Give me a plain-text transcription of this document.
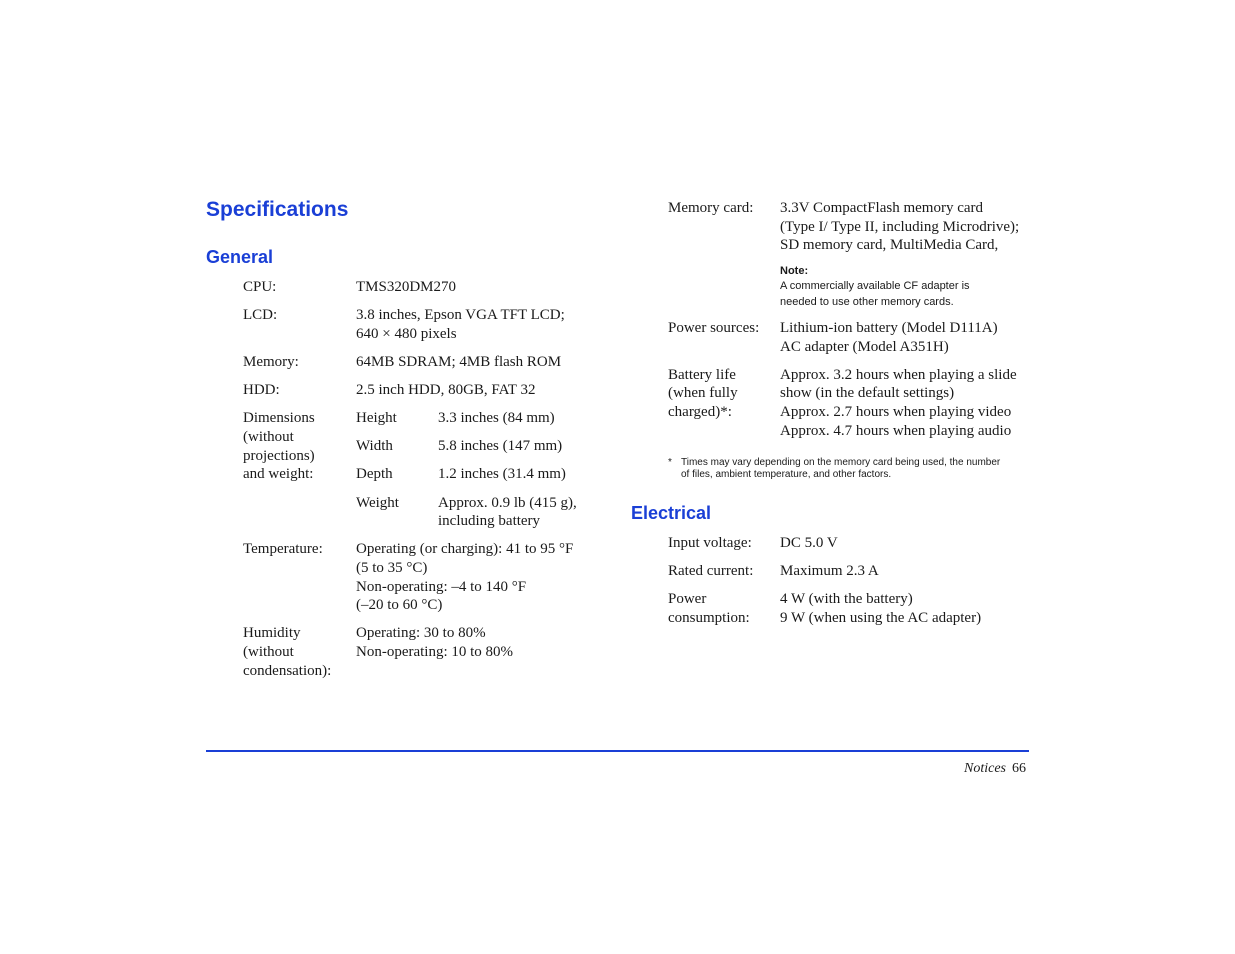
Specifications
General
CPU:	TMS320DM270
LCD:	3.8 inches, Epson VGA TFT LCD;
640 × 480 pixels
Memory:	64MB SDRAM; 4MB flash ROM
HDD:	2.5 inch HDD, 80GB, FAT 32
Dimensions
(without
projections)
and weight:
Height	3.3 inches (84 mm)
Width	5.8 inches (147 mm)
Depth	1.2 inches (31.4 mm)
Weight	Approx. 0.9 lb (415 g),
including battery
Temperature: Operating (or charging): 41 to 95 °F
(5 to 35 °C)
Non-operating: –4 to 140 °F
(–20 to 60 °C)
Humidity
(without
condensation):
Operating: 30 to 80%
Non-operating: 10 to 80%
Memory card: 3.3V CompactFlash memory card
(Type I/ Type II, including Microdrive);
SD memory card, MultiMedia Card,
Note:
A commercially available CF adapter is
needed to use other memory cards.
Power sources: Lithium-ion battery (Model D111A)
AC adapter (Model A351H)
Battery life
(when fully
charged)*:
Approx. 3.2 hours when playing a slide
show (in the default settings)
Approx. 2.7 hours when playing video
Approx. 4.7 hours when playing audio
* Times may vary depending on the memory card being used, the number
of files, ambient temperature, and other factors.
Electrical
Input voltage: DC 5.0 V
Rated current: Maximum 2.3 A
Power
consumption:
4 W (with the battery)
9 W (when using the AC adapter)
Notices 66
